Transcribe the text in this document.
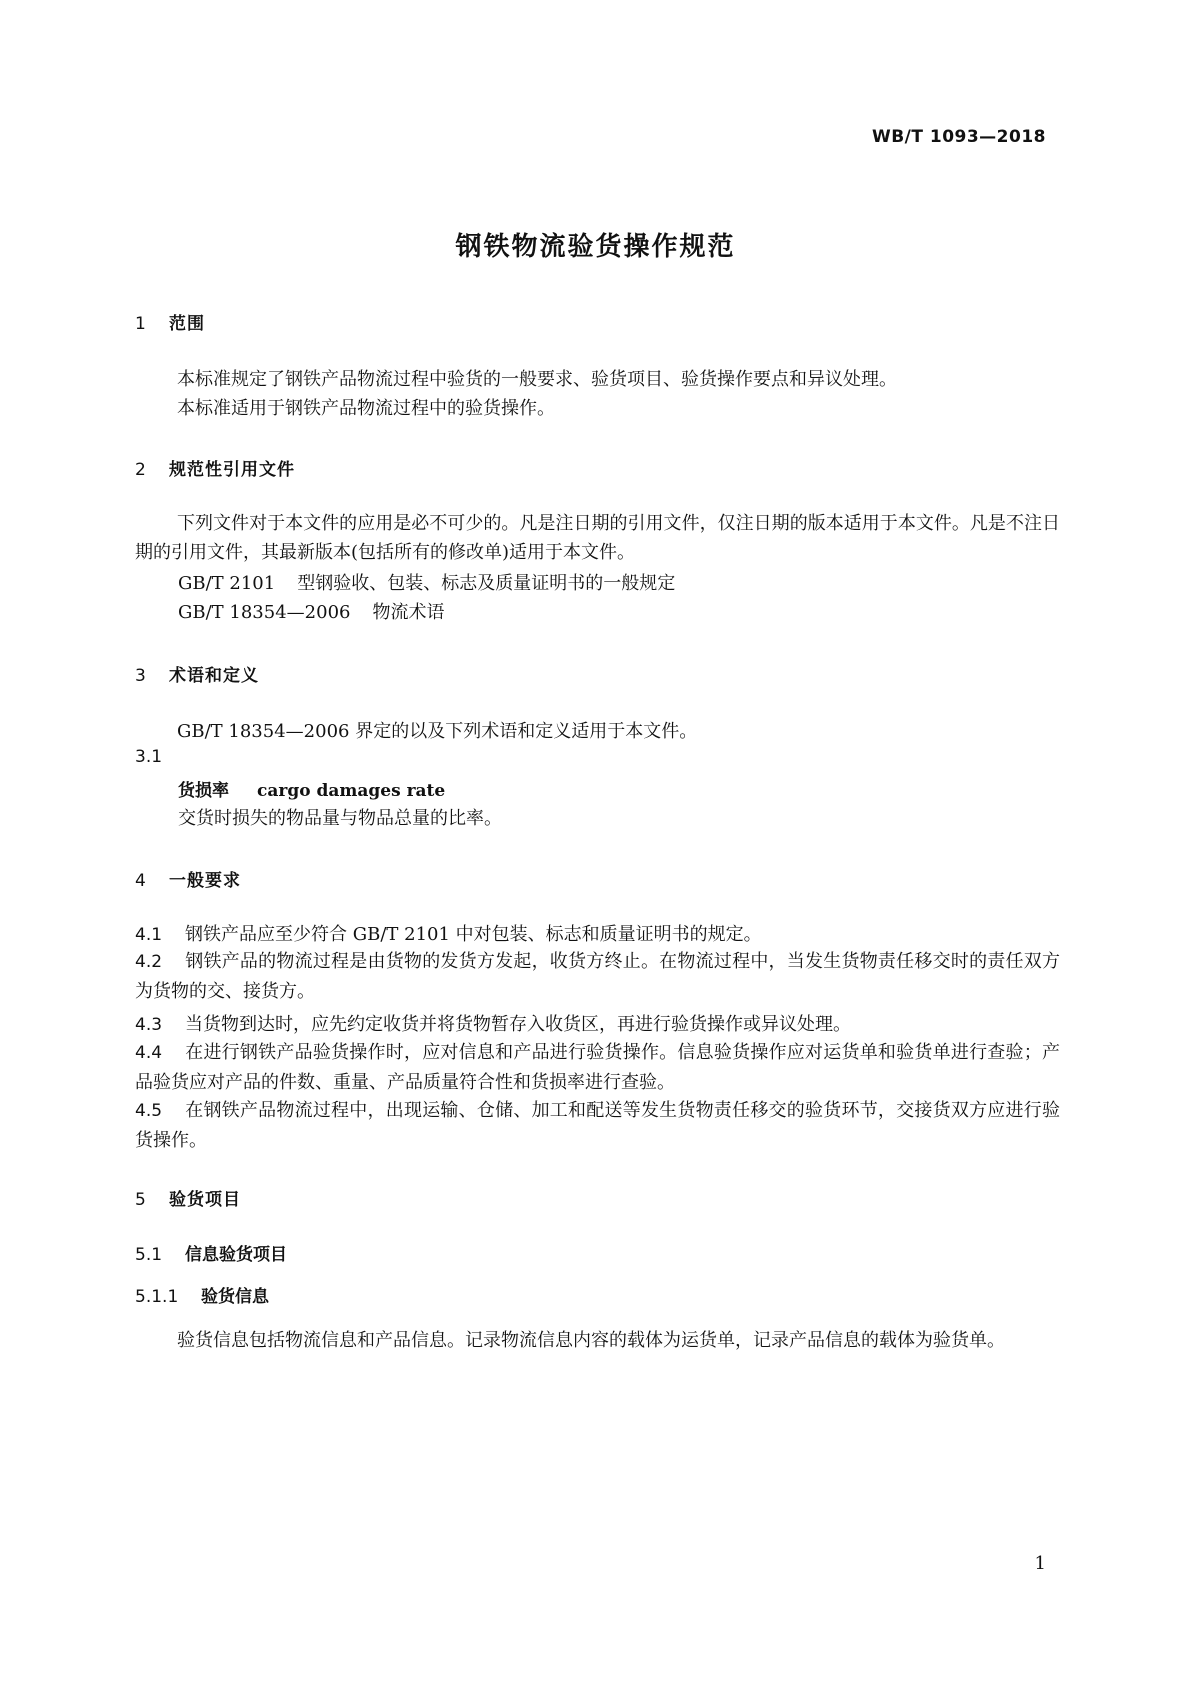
WB/T 1093—2018
钢铁物流验货操作规范
1 范围
本标准规定了钢铁产品物流过程中验货的一般要求、验货项目、验货操作要点和异议处理。
本标准适用于钢铁产品物流过程中的验货操作。
2 规范性引用文件
下列文件对于本文件的应用是必不可少的。凡是注日期的引用文件，仅注日期的版本适用于本文件。凡是不注日期的引用文件，其最新版本(包括所有的修改单)适用于本文件。
GB/T 2101 型钢验收、包装、标志及质量证明书的一般规定
GB/T 18354—2006 物流术语
3 术语和定义
GB/T 18354—2006 界定的以及下列术语和定义适用于本文件。
3.1
货损率 cargo damages rate
交货时损失的物品量与物品总量的比率。
4 一般要求
4.1 钢铁产品应至少符合 GB/T 2101 中对包装、标志和质量证明书的规定。
4.2 钢铁产品的物流过程是由货物的发货方发起，收货方终止。在物流过程中，当发生货物责任移交时的责任双方为货物的交、接货方。
4.3 当货物到达时，应先约定收货并将货物暂存入收货区，再进行验货操作或异议处理。
4.4 在进行钢铁产品验货操作时，应对信息和产品进行验货操作。信息验货操作应对运货单和验货单进行查验；产品验货应对产品的件数、重量、产品质量符合性和货损率进行查验。
4.5 在钢铁产品物流过程中，出现运输、仓储、加工和配送等发生货物责任移交的验货环节，交接货双方应进行验货操作。
5 验货项目
5.1 信息验货项目
5.1.1 验货信息
验货信息包括物流信息和产品信息。记录物流信息内容的载体为运货单，记录产品信息的载体为验货单。
1
